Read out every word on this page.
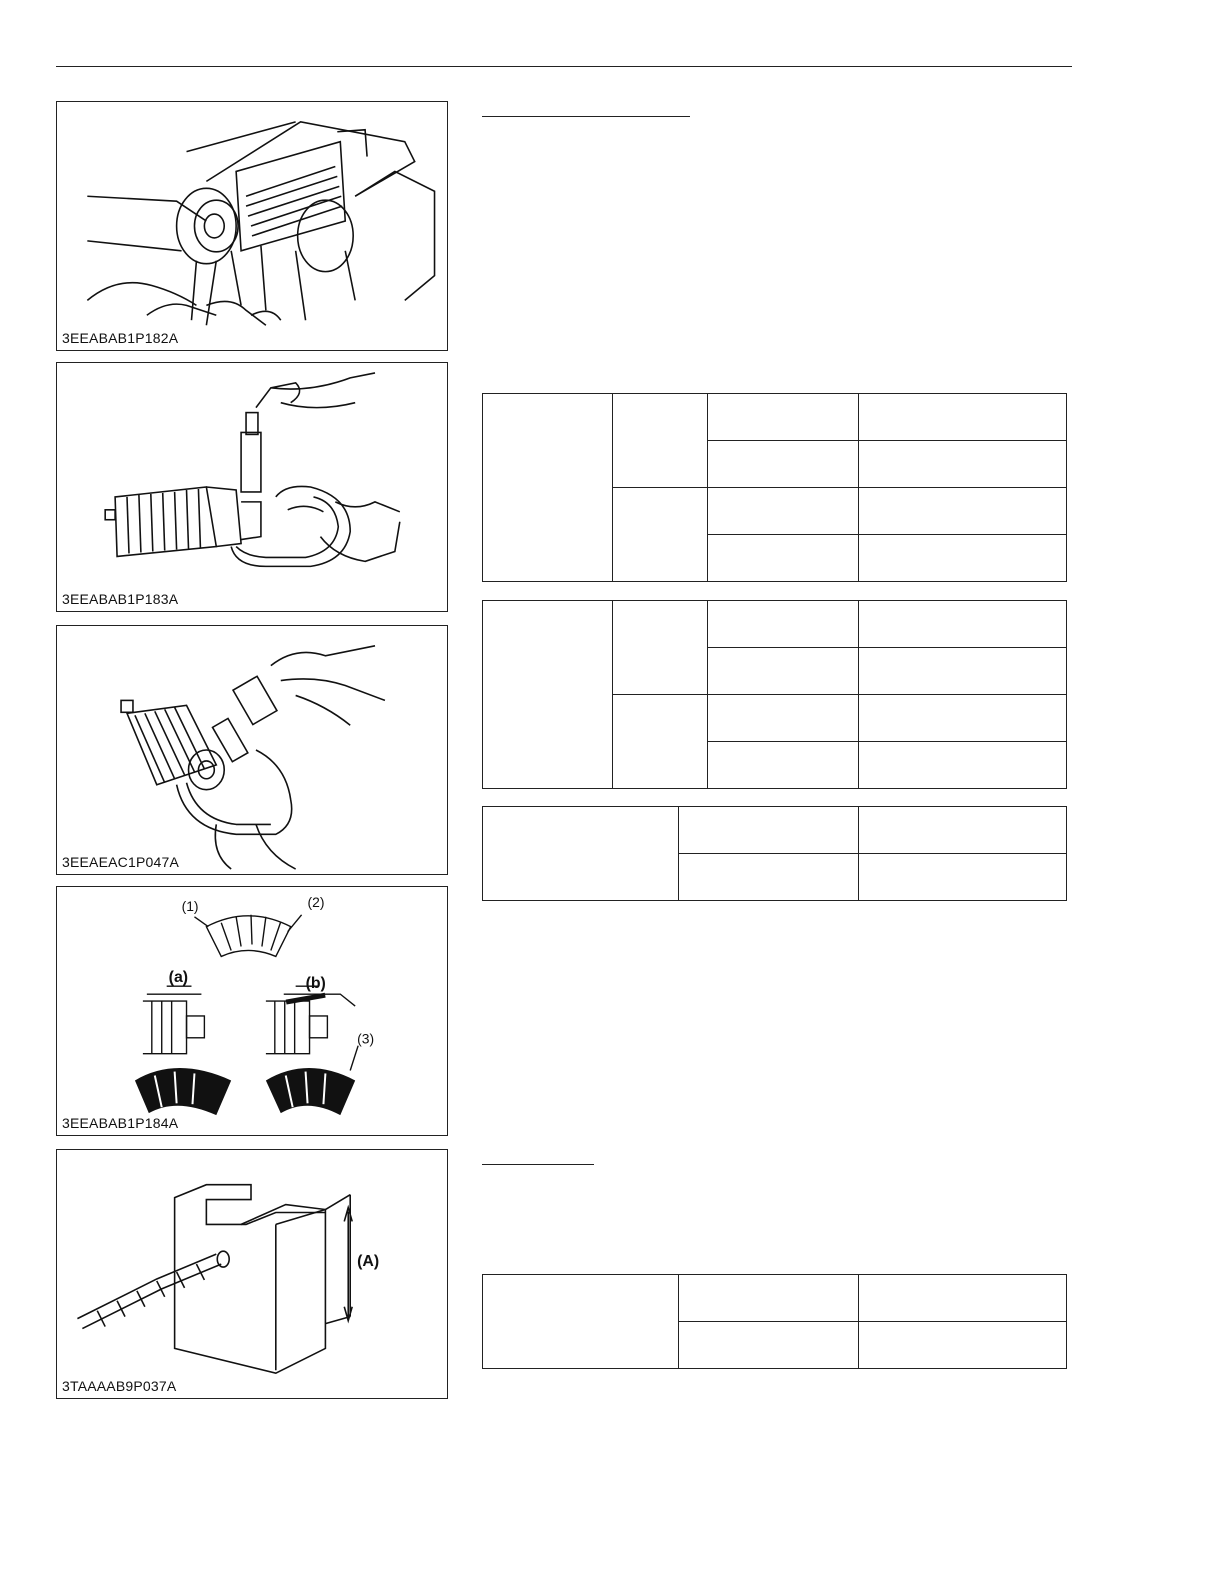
3EEABAB1P182A
3EEABAB1P183A
3EEAEAC1P047A
(1)	(2)
(a)	(b)
(3)
3EEABAB1P184A
(A)
3TAAAAB9P037A
